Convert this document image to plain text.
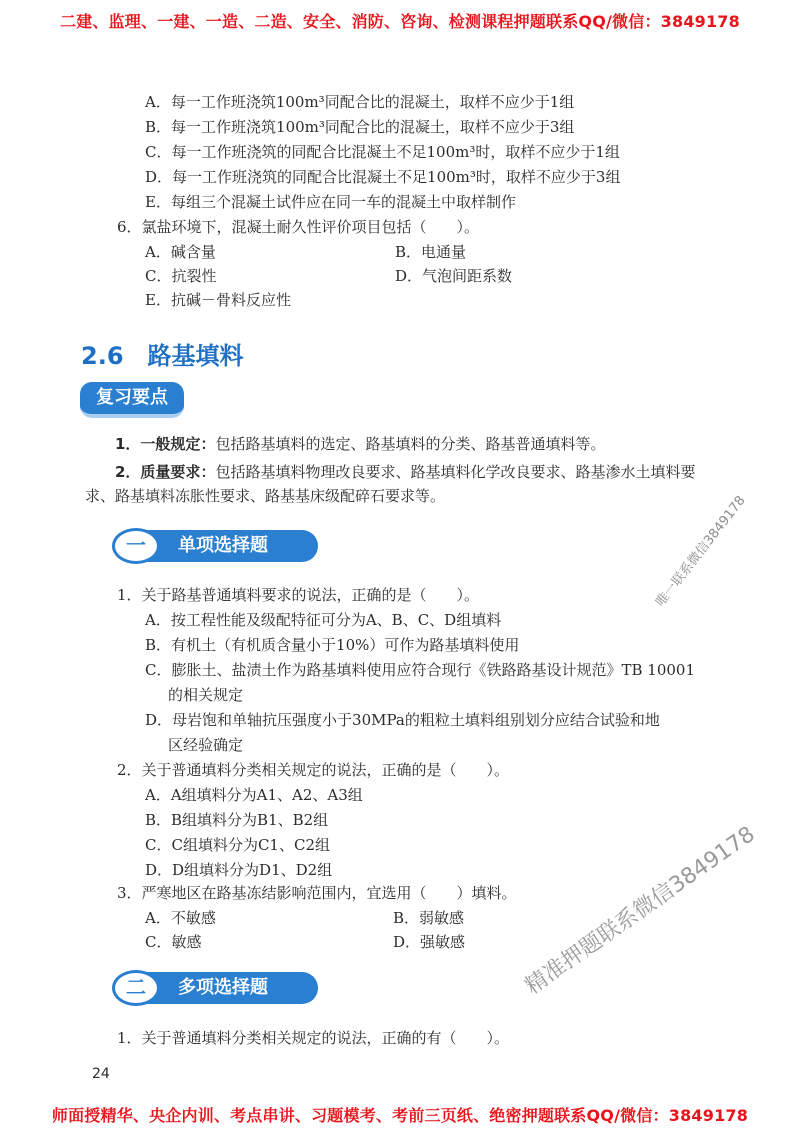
二建、监理、一建、一造、二造、安全、消防、咨询、检测课程押题联系QQ/微信：3849178
师面授精华、央企内训、考点串讲、习题模考、考前三页纸、绝密押题联系QQ/微信：3849178
A．每一工作班浇筑100m³同配合比的混凝土，取样不应少于1组
B．每一工作班浇筑100m³同配合比的混凝土，取样不应少于3组
C．每一工作班浇筑的同配合比混凝土不足100m³时，取样不应少于1组
D．每一工作班浇筑的同配合比混凝土不足100m³时，取样不应少于3组
E．每组三个混凝土试件应在同一车的混凝土中取样制作
6．氯盐环境下，混凝土耐久性评价项目包括（　　）。
A．碱含量	B．电通量
C．抗裂性	D．气泡间距系数
E．抗碱－骨料反应性
2.6　路基填料
复习要点
1．一般规定：包括路基填料的选定、路基填料的分类、路基普通填料等。
2．质量要求：包括路基填料物理改良要求、路基填料化学改良要求、路基渗水土填料要求、路基填料冻胀性要求、路基基床级配碎石要求等。
单项选择题
一
1．关于路基普通填料要求的说法，正确的是（　　）。
A．按工程性能及级配特征可分为A、B、C、D组填料
B．有机土（有机质含量小于10%）可作为路基填料使用
C．膨胀土、盐渍土作为路基填料使用应符合现行《铁路路基设计规范》TB 10001
的相关规定
D．母岩饱和单轴抗压强度小于30MPa的粗粒土填料组别划分应结合试验和地
区经验确定
2．关于普通填料分类相关规定的说法，正确的是（　　）。
A．A组填料分为A1、A2、A3组
B．B组填料分为B1、B2组
C．C组填料分为C1、C2组
D．D组填料分为D1、D2组
3．严寒地区在路基冻结影响范围内，宜选用（　　）填料。
A．不敏感	B．弱敏感
C．敏感	D．强敏感
多项选择题
二
1．关于普通填料分类相关规定的说法，正确的有（　　）。
24
唯一联系微信3849178
精准押题联系微信3849178
